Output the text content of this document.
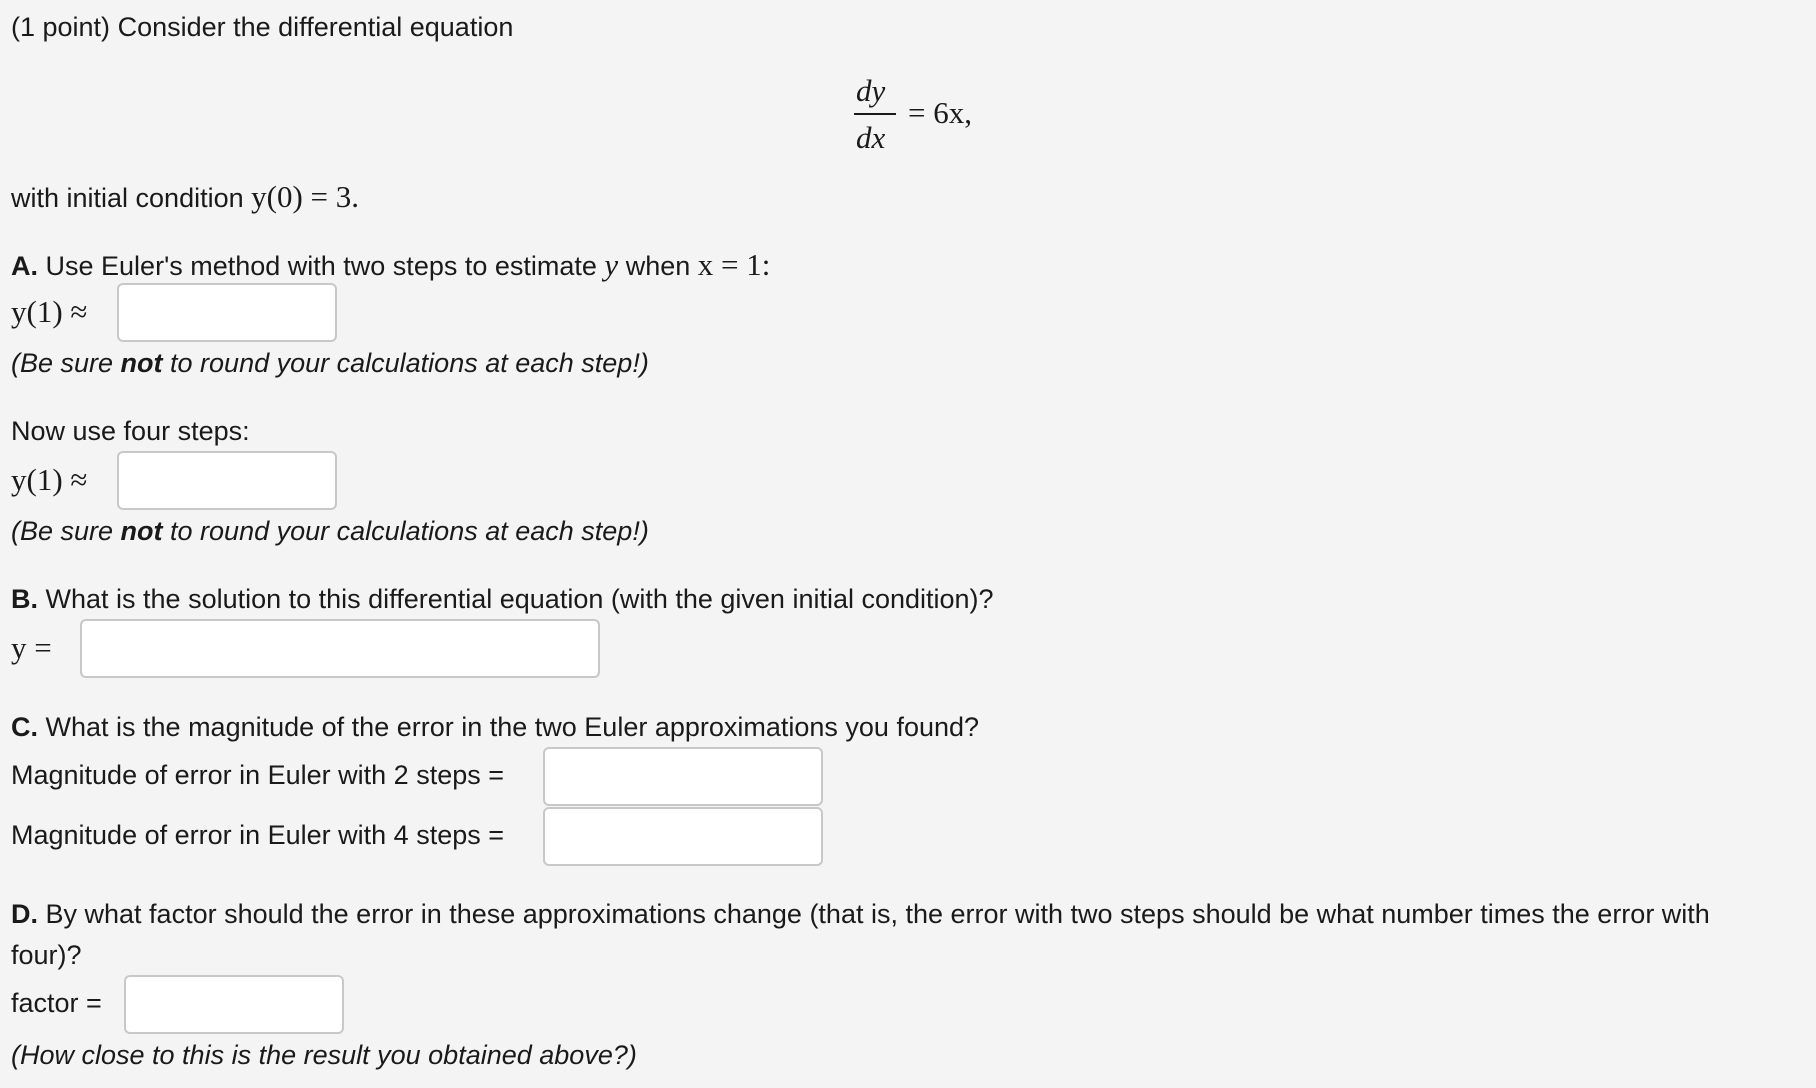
(1 point) Consider the differential equation
dy
dx
= 6x,
with initial condition y(0) = 3.
A. Use Euler's method with two steps to estimate y when x = 1:
y(1) ≈
(Be sure not to round your calculations at each step!)
Now use four steps:
y(1) ≈
(Be sure not to round your calculations at each step!)
B. What is the solution to this differential equation (with the given initial condition)?
y =
C. What is the magnitude of the error in the two Euler approximations you found?
Magnitude of error in Euler with 2 steps =
Magnitude of error in Euler with 4 steps =
D. By what factor should the error in these approximations change (that is, the error with two steps should be what number times the error with
four)?
factor =
(How close to this is the result you obtained above?)
